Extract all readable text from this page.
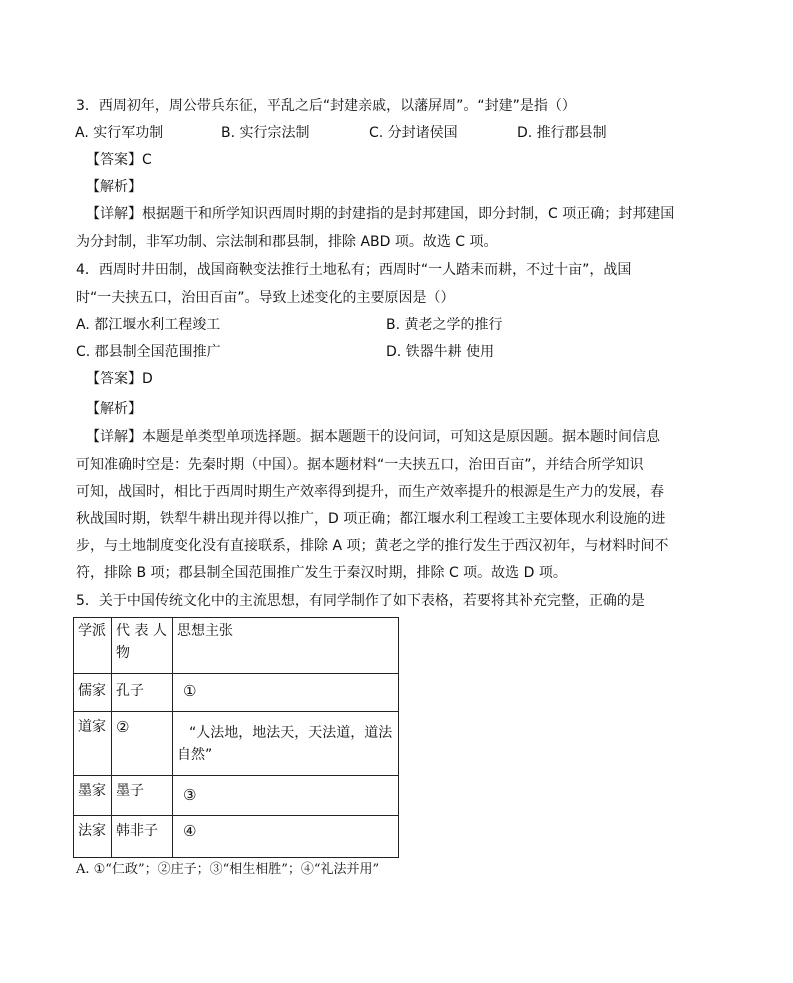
3．西周初年，周公带兵东征，平乱之后“封建亲戚，以藩屏周”。“封建”是指（）
A. 实行军功制	B. 实行宗法制	C. 分封诸侯国	D. 推行郡县制
【答案】C
【解析】
【详解】根据题干和所学知识西周时期的封建指的是封邦建国，即分封制，C 项正确；封邦建国
为分封制，非军功制、宗法制和郡县制，排除 ABD 项。故选 C 项。
4．西周时井田制，战国商鞅变法推行土地私有；西周时“一人踏耒而耕，不过十亩”，战国
时“一夫挟五口，治田百亩”。导致上述变化的主要原因是（）
A. 都江堰水利工程竣工	B. 黄老之学的推行
C. 郡县制全国范围推广	D. 铁器牛耕 使用
【答案】D
【解析】
【详解】本题是单类型单项选择题。据本题题干的设问词，可知这是原因题。据本题时间信息
可知准确时空是：先秦时期（中国）。据本题材料“一夫挟五口，治田百亩”，并结合所学知识
可知，战国时，相比于西周时期生产效率得到提升，而生产效率提升的根源是生产力的发展，春
秋战国时期，铁犁牛耕出现并得以推广，D 项正确；都江堰水利工程竣工主要体现水利设施的进
步，与土地制度变化没有直接联系，排除 A 项；黄老之学的推行发生于西汉初年，与材料时间不
符，排除 B 项；郡县制全国范围推广发生于秦汉时期，排除 C 项。故选 D 项。
5．关于中国传统文化中的主流思想，有同学制作了如下表格，若要将其补充完整，正确的是
学派	代 表 人物	思想主张
儒家	孔子	①
道家	②	“人法地，地法天，天法道，道法自然”
墨家	墨子	③
法家	韩非子	④
A. ①“仁政”；②庄子；③“相生相胜”；④“礼法并用”
